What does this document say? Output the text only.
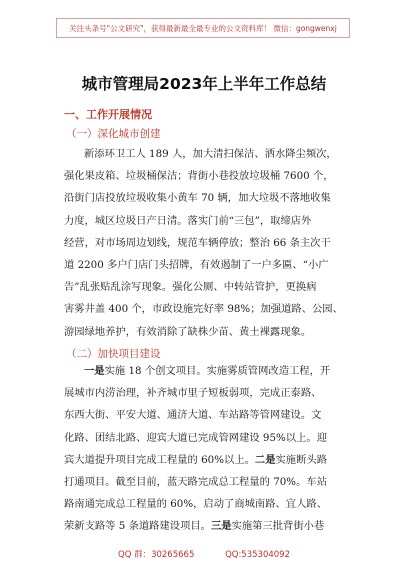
关注头条号"公文研究"，获得最新最全最专业的公文资料库！ 微信：gongwenxj
城市管理局2023年上半年工作总结
一、工作开展情况
（一）深化城市创建
新添环卫工人 189 人，加大清扫保洁、洒水降尘频次，
强化果皮箱、垃圾桶保洁；背街小巷投放垃圾桶 7600 个，
沿街门店投放垃圾收集小黄车 70 辆，加大垃圾不落地收集
力度，城区垃圾日产日清。落实门前“三包”，取缔店外
经营，对市场周边划线，规范车辆停放；整治 66 条主次干
道 2200 多户门店门头招牌，有效遏制了一户多匾、“小广
告”乱张贴乱涂写现象。强化公厕、中转站管护，更换病
害雾井盖 400 个，市政设施完好率 98%；加强道路、公园、
游园绿地养护，有效消除了缺株少苗、黄土裸露现象。
（二）加快项目建设
一是实施 18 个创文项目。实施雾质管网改造工程，开
展城市内涝治理，补齐城市里子短板弱项，完成正泰路、
东西大街、平安大道、通济大道、车站路等管网建设。文
化路、团结北路、迎宾大道已完成管网建设 95%以上。迎
宾大道提升项目完成工程量的 60%以上。二是实施断头路
打通项目。截至目前，蓝天路完成总工程量的 70%。车站
路南通完成总工程量的 60%，启动了商城南路、宜人路、
荣新支路等 5 条道路建设项目。三是实施第三批背街小巷
QQ 群：30265665	QQ:535304092
